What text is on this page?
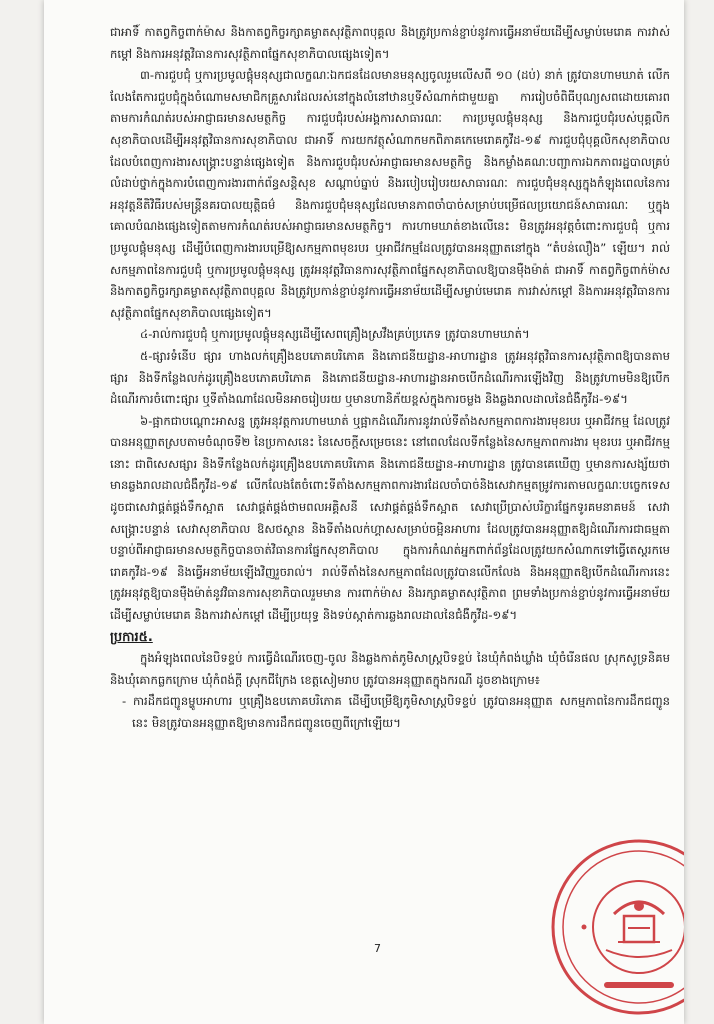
ជាអាទិ៍ កាតព្វកិច្ចពាក់ម៉ាស និងកាតព្វកិច្ចរក្សាគម្លាតសុវត្ថិភាពបុគ្គល និងត្រូវប្រកាន់ខ្ជាប់នូវការធ្វើអនាម័យដើម្បីសម្លាប់មេរោគ ការវាស់កម្ដៅ និងការអនុវត្តវិធានការសុវត្ថិភាពផ្នែកសុខាភិបាលផ្សេងទៀត។

៣-ការជួបជុំ ឬការប្រមូលផ្ដុំមនុស្សជាលក្ខណៈឯកជនដែលមានមនុស្សចូលរួមលើសពី ១០ (ដប់) នាក់ ត្រូវបានហាមឃាត់ លើកលែងតែការជួបជុំក្នុងចំណោមសមាជិកគ្រួសារដែលរស់នៅក្នុងលំនៅឋានឬទីសំណាក់ជាមួយគ្នា ការរៀបចំពិធីបុណ្យសពដោយគោរពតាមការកំណត់របស់អាជ្ញាធរមានសមត្ថកិច្ច ការជួបជុំរបស់អង្គការសាធារណៈ ការប្រមូលផ្ដុំមនុស្ស និងការជួបជុំរបស់បុគ្គលិកសុខាភិបាលដើម្បីអនុវត្តវិធានការសុខាភិបាល ជាអាទិ៍ ការយកវត្ថុសំណាកមកពិភាគកេមេរោគកូវីដ-១៩ ការជួបជុំបុគ្គលិកសុខាភិបាលដែលបំពេញការងារសង្គ្រោះបន្ទាន់ផ្សេងទៀត និងការជួបជុំរបស់អាជ្ញាធរមានសមត្ថកិច្ច និងកម្លាំងគណៈបញ្ជាការឯកភាពរដ្ឋបាលគ្រប់លំដាប់ថ្នាក់ក្នុងការបំពេញការងារពាក់ព័ន្ធសន្តិសុខ សណ្ដាប់ធ្នាប់ និងរបៀបរៀបរយសាធារណៈ ការជួបជុំមនុស្សក្នុងកំឡុងពេលនៃការអនុវត្តនីតិវិធីរបស់មន្ត្រីនគរបាលយុត្តិធម៌ និងការជួបជុំមនុស្សដែលមានភាពចាំបាច់សម្រាប់បម្រើផលប្រយោជន៍សាធារណៈ ឬក្នុងគោលបំណងផ្សេងទៀតតាមការកំណត់របស់អាជ្ញាធរមានសមត្ថកិច្ច។ ការហាមឃាត់ខាងលើនេះ មិនត្រូវអនុវត្តចំពោះការជួបជុំ ឬការប្រមូលផ្ដុំមនុស្ស ដើម្បីបំពេញការងារបម្រើឱ្យសកម្មភាពមុខរបរ ឬអាជីវកម្មដែលត្រូវបានអនុញ្ញាតនៅក្នុង “តំបន់លឿង” ឡើយ។ រាល់សកម្មភាពនៃការជួបជុំ ឬការប្រមូលផ្ដុំមនុស្ស ត្រូវអនុវត្តវិធានការសុវត្ថិភាពផ្នែកសុខាភិបាលឱ្យបានម៉ឺងម៉ាត់ ជាអាទិ៍ កាតព្វកិច្ចពាក់ម៉ាស និងកាតព្វកិច្ចរក្សាគម្លាតសុវត្ថិភាពបុគ្គល និងត្រូវប្រកាន់ខ្ជាប់នូវការធ្វើអនាម័យដើម្បីសម្លាប់មេរោគ ការវាស់កម្ដៅ និងការអនុវត្តវិធានការសុវត្ថិភាពផ្នែកសុខាភិបាលផ្សេងទៀត។

៤-រាល់ការជួបជុំ ឬការប្រមូលផ្ដុំមនុស្សដើម្បីសេពគ្រឿងស្រវឹងគ្រប់ប្រភេទ ត្រូវបានហាមឃាត់។

៥-ផ្សារទំនើប ផ្សារ ហាងលក់គ្រឿងឧបភោគបរិភោគ និងភោជនីយដ្ឋាន-អាហារដ្ឋាន ត្រូវអនុវត្តវិធានការសុវត្ថិភាពឱ្យបានតាមផ្សារ និងទីកន្លែងលក់ដូរគ្រឿងឧបភោគបរិភោគ និងភោជនីយដ្ឋាន-អាហារដ្ឋានអាចបើកដំណើរការឡើងវិញ និងត្រូវហាមមិនឱ្យបើកដំណើរការចំពោះផ្សារ ឬទីតាំងណាដែលមិនអាចរៀបរយ ឬមានហានិភ័យខ្ពស់ក្នុងការចម្លង និងឆ្លងរាលដាលនៃជំងឺកូវីដ-១៩។

៦-ផ្អាកជាបណ្ដោះអាសន្ន ត្រូវអនុវត្តការហាមឃាត់ ឬផ្អាកដំណើរការនូវរាល់ទីតាំងសកម្មភាពការងារមុខរបរ ឬអាជីវកម្ម ដែលត្រូវបានអនុញ្ញាតស្របតាមចំណុចទី២ នៃប្រកាសនេះ នៃសេចក្ដីសម្រេចនេះ នៅពេលដែលទីកន្លែងនៃសកម្មភាពការងារ មុខរបរ ឬអាជីវកម្មនោះ ជាពិសេសផ្សារ និងទីកន្លែងលក់ដូរគ្រឿងឧបភោគបរិភោគ និងភោជនីយដ្ឋាន-អាហារដ្ឋាន ត្រូវបានគេឃើញ ឬមានការសង្ស័យថាមានឆ្លងរាលដាលជំងឺកូវីដ-១៩ លើកលែងតែចំពោះទីតាំងសកម្មភាពការងារដែលចាំបាច់និងសេវាកម្មតម្រូវការតាមលក្ខណៈបច្ចេកទេស ដូចជាសេវាផ្គត់ផ្គង់ទឹកស្អាត សេវាផ្គត់ផ្គង់ថាមពលអគ្គិសនី សេវាផ្គត់ផ្គង់ទឹកស្អាត សេវាប្រើប្រាស់បរិក្ខារផ្នែកទូរគមនាគមន៍ សេវាសង្គ្រោះបន្ទាន់ សេវាសុខាភិបាល ឱសថស្ថាន និងទីតាំងលក់ហ្គាសសម្រាប់ចម្អិនអាហារ ដែលត្រូវបានអនុញ្ញាតឱ្យដំណើរការជាធម្មតា បន្ទាប់ពីអាជ្ញាធរមានសមត្ថកិច្ចបានចាត់វិធានការផ្នែកសុខាភិបាល ក្នុងការកំណត់អ្នកពាក់ព័ន្ធដែលត្រូវយកសំណាកទៅធ្វើតេស្តរកមេរោគកូវីដ-១៩ និងធ្វើអនាម័យឡើងវិញរួចរាល់។ រាល់ទីតាំងនៃសកម្មភាពដែលត្រូវបានលើកលែង និងអនុញ្ញាតឱ្យបើកដំណើរការនេះ ត្រូវអនុវត្តឱ្យបានម៉ឺងម៉ាត់នូវវិធានការសុខាភិបាលរួមមាន ការពាក់ម៉ាស និងរក្សាគម្លាតសុវត្ថិភាព ព្រមទាំងប្រកាន់ខ្ជាប់នូវការធ្វើអនាម័យដើម្បីសម្លាប់មេរោគ និងការវាស់កម្ដៅ ដើម្បីប្រយុទ្ធ និងទប់ស្កាត់ការឆ្លងរាលដាលនៃជំងឺកូវីដ-១៩។

ប្រការ៥.

ក្នុងអំឡុងពេលនៃបិទខ្ទប់ ការធ្វើដំណើរចេញ-ចូល និងឆ្លងកាត់ភូមិសាស្ត្របិទខ្ទប់ នៃឃុំកំពង់ឃ្លាំង ឃុំចំរើនផល ស្រុកសូទ្រនិគម និងឃុំគោកធ្លកក្រោម ឃុំកំពង់ក្ដី ស្រុកជីក្រែង ខេត្តសៀមរាប ត្រូវបានអនុញ្ញាតក្នុងករណី ដូចខាងក្រោម៖

- ការដឹកជញ្ជូនម្ហូបអាហារ ឬគ្រឿងឧបភោគបរិភោគ ដើម្បីបម្រើឱ្យភូមិសាស្ត្របិទខ្ទប់ ត្រូវបានអនុញ្ញាត សកម្មភាពនៃការដឹកជញ្ជូននេះ មិនត្រូវបានអនុញ្ញាតឱ្យមានការដឹកជញ្ជូនចេញពីក្រៅឡើយ។

7
